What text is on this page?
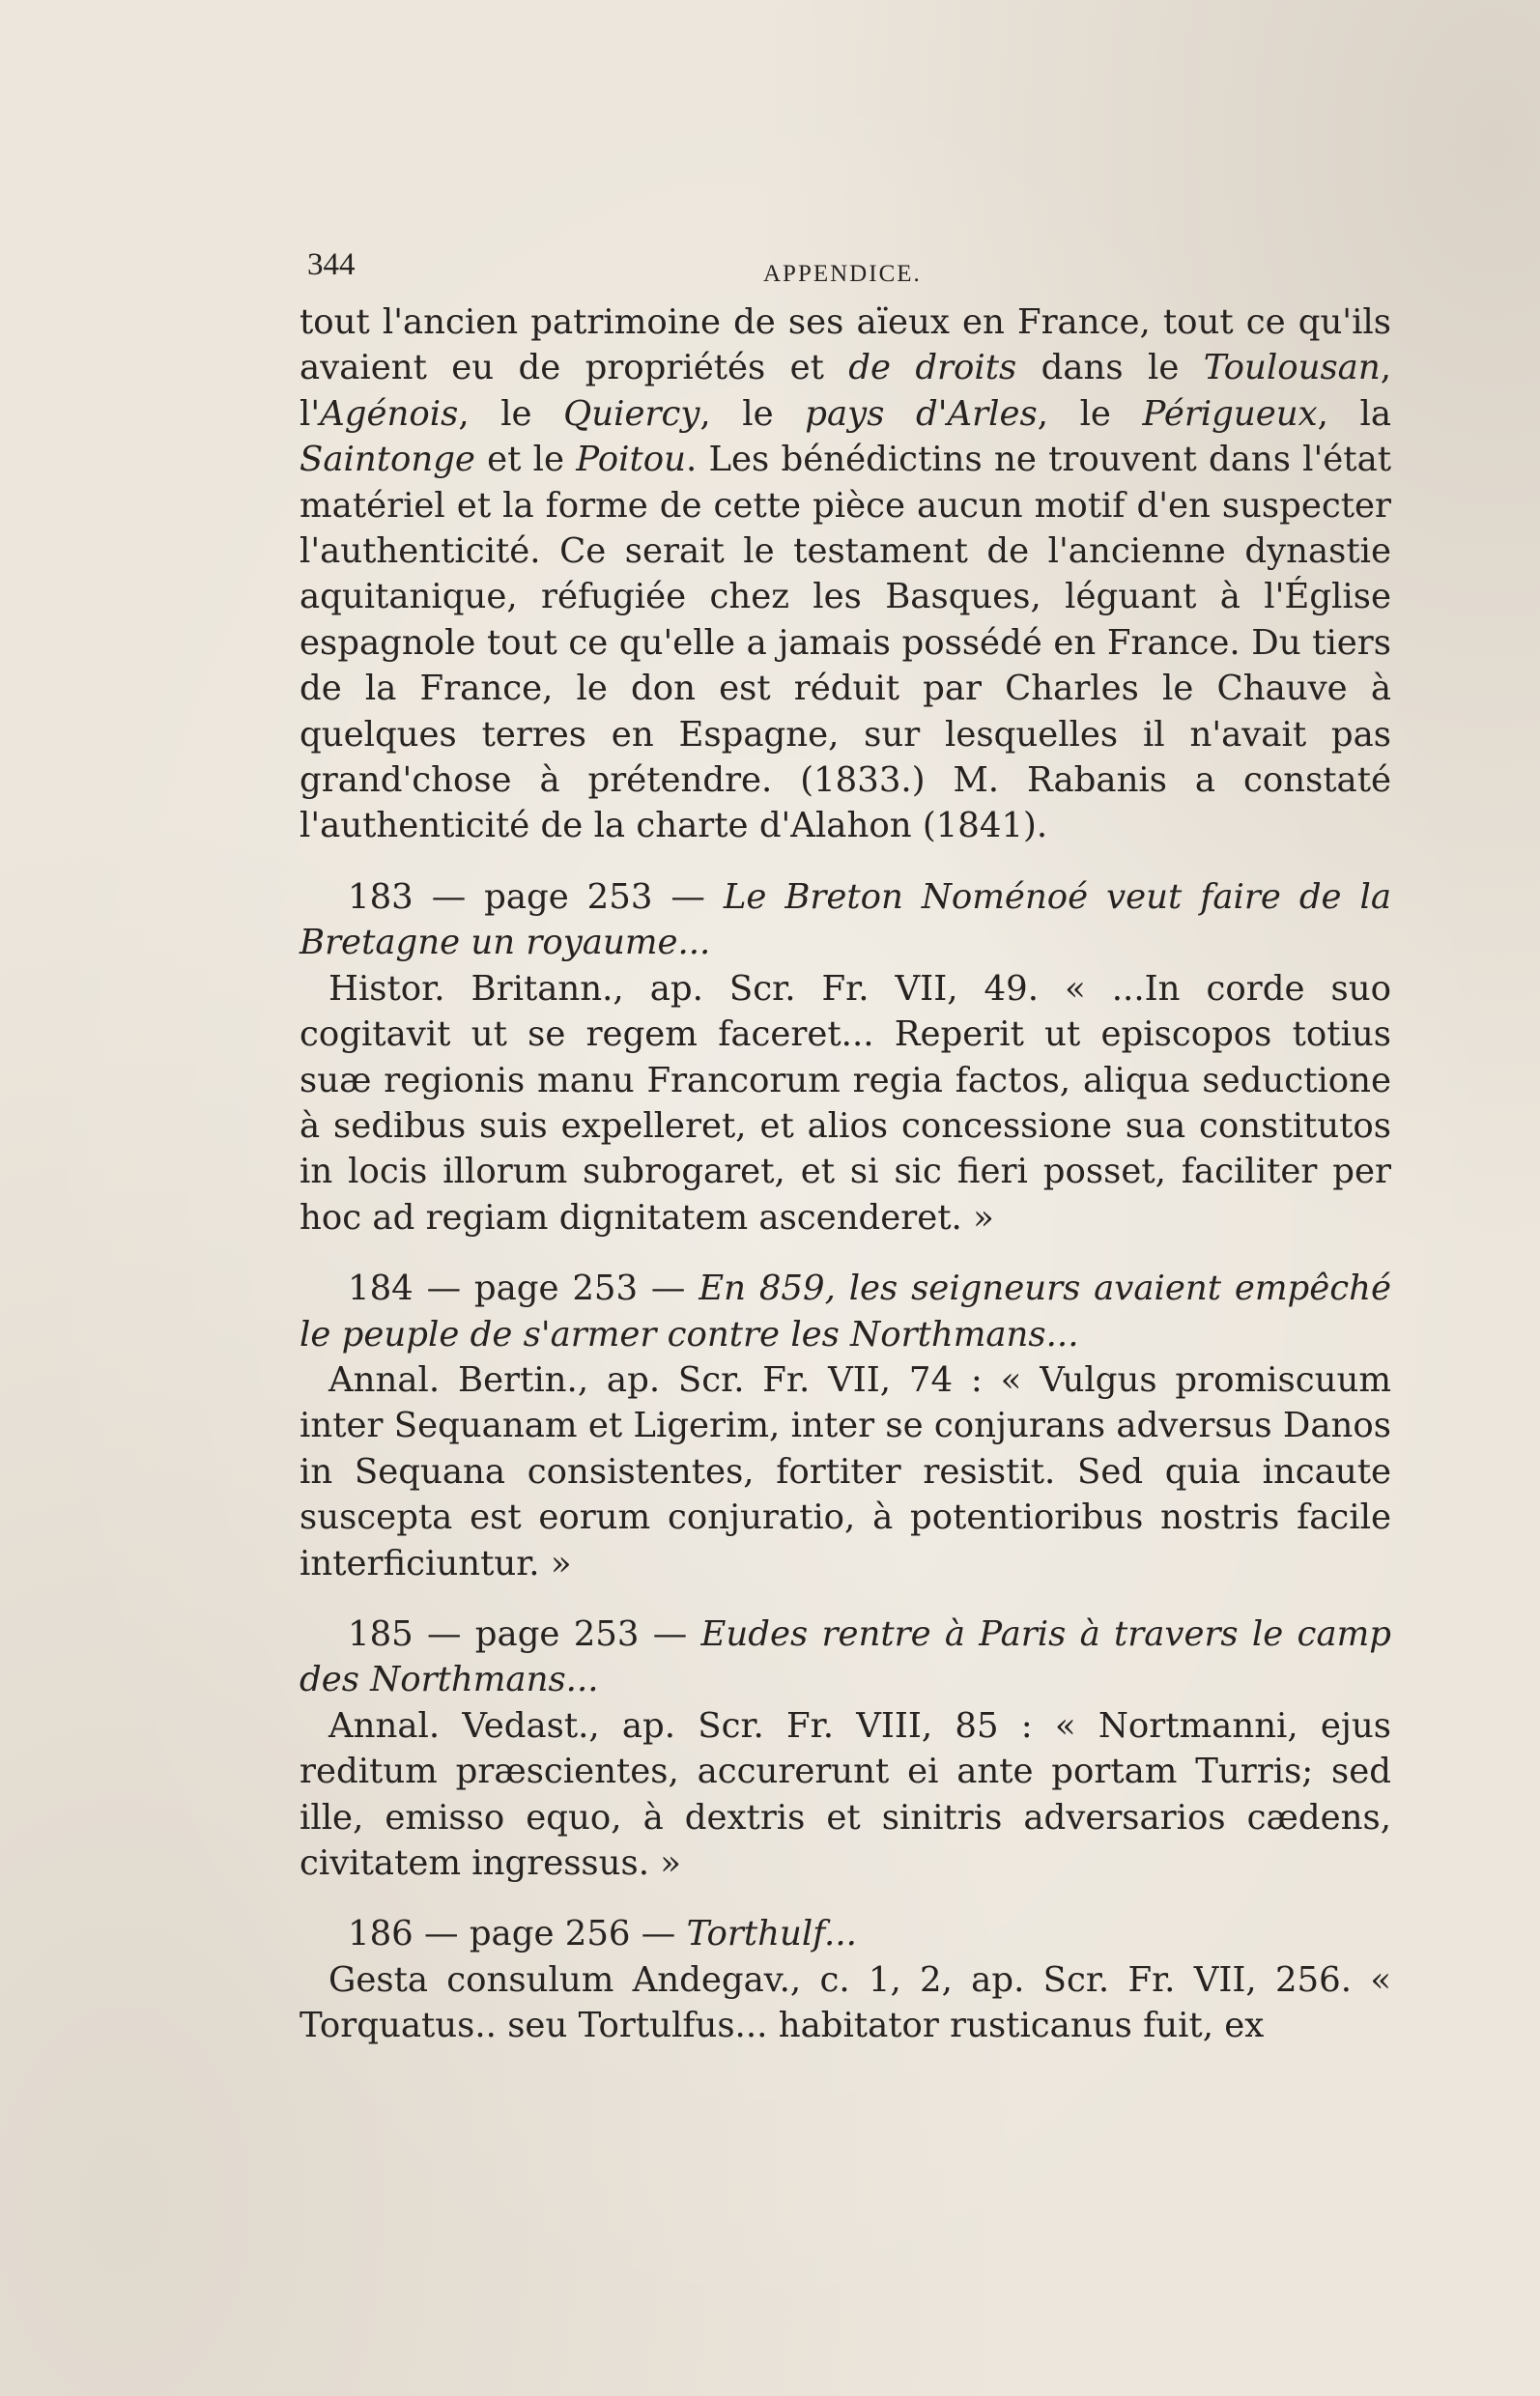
344	APPENDICE.

tout l'ancien patrimoine de ses aïeux en France, tout ce qu'ils avaient eu de propriétés et de droits dans le Toulousan, l'Agénois, le Quiercy, le pays d'Arles, le Périgueux, la Saintonge et le Poitou. Les bénédictins ne trouvent dans l'état matériel et la forme de cette pièce aucun motif d'en suspecter l'authenticité. Ce serait le testament de l'ancienne dynastie aquitanique, réfugiée chez les Basques, léguant à l'Église espagnole tout ce qu'elle a jamais possédé en France. Du tiers de la France, le don est réduit par Charles le Chauve à quelques terres en Espagne, sur lesquelles il n'avait pas grand'chose à prétendre. (1833.) M. Rabanis a constaté l'authenticité de la charte d'Alahon (1841).

183 — page 253 — Le Breton Noménoé veut faire de la Bretagne un royaume...

Histor. Britann., ap. Scr. Fr. VII, 49. « ...In corde suo cogitavit ut se regem faceret... Reperit ut episcopos totius suæ regionis manu Francorum regia factos, aliqua seductione à sedibus suis expelleret, et alios concessione sua constitutos in locis illorum subrogaret, et si sic fieri posset, faciliter per hoc ad regiam dignitatem ascenderet. »

184 — page 253 — En 859, les seigneurs avaient empêché le peuple de s'armer contre les Northmans...

Annal. Bertin., ap. Scr. Fr. VII, 74 : « Vulgus promiscuum inter Sequanam et Ligerim, inter se conjurans adversus Danos in Sequana consistentes, fortiter resistit. Sed quia incaute suscepta est eorum conjuratio, à potentioribus nostris facile interficiuntur. »

185 — page 253 — Eudes rentre à Paris à travers le camp des Northmans...

Annal. Vedast., ap. Scr. Fr. VIII, 85 : « Nortmanni, ejus reditum præscientes, accurerunt ei ante portam Turris; sed ille, emisso equo, à dextris et sinitris adversarios cædens, civitatem ingressus. »

186 — page 256 — Torthulf...

Gesta consulum Andegav., c. 1, 2, ap. Scr. Fr. VII, 256. « Torquatus.. seu Tortulfus... habitator rusticanus fuit, ex
